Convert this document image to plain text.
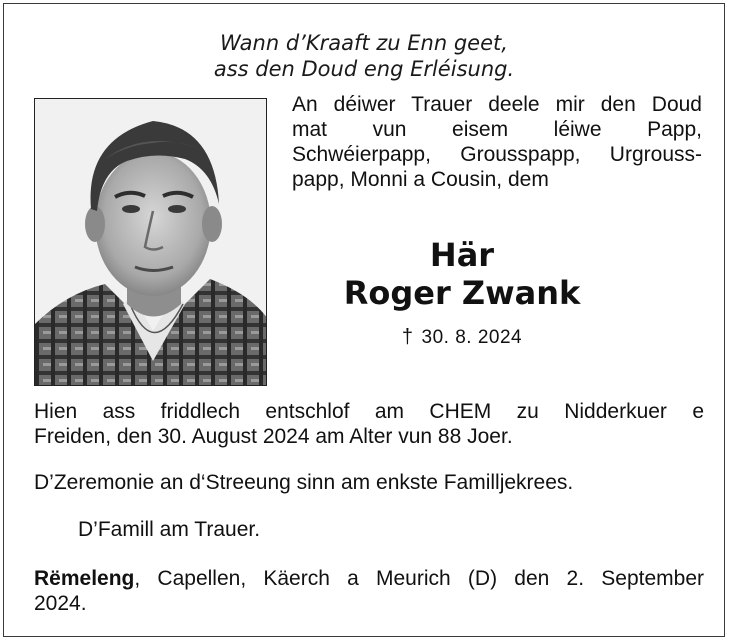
Wann d’Kraaft zu Enn geet,
ass den Doud eng Erléisung.
An déiwer Trauer deele mir den Doud
mat vun eisem léiwe Papp,
Schwéierpapp, Grousspapp, Urgrouss-
papp, Monni a Cousin, dem
Här
Roger Zwank
† 30. 8. 2024
Hien ass friddlech entschlof am CHEM zu Nidderkuer e
Freiden, den 30. August 2024 am Alter vun 88 Joer.
D’Zeremonie an d‘Streeung sinn am enkste Familljekrees.
D’Famill am Trauer.
Rëmeleng, Capellen, Käerch a Meurich (D) den 2. September
2024.
